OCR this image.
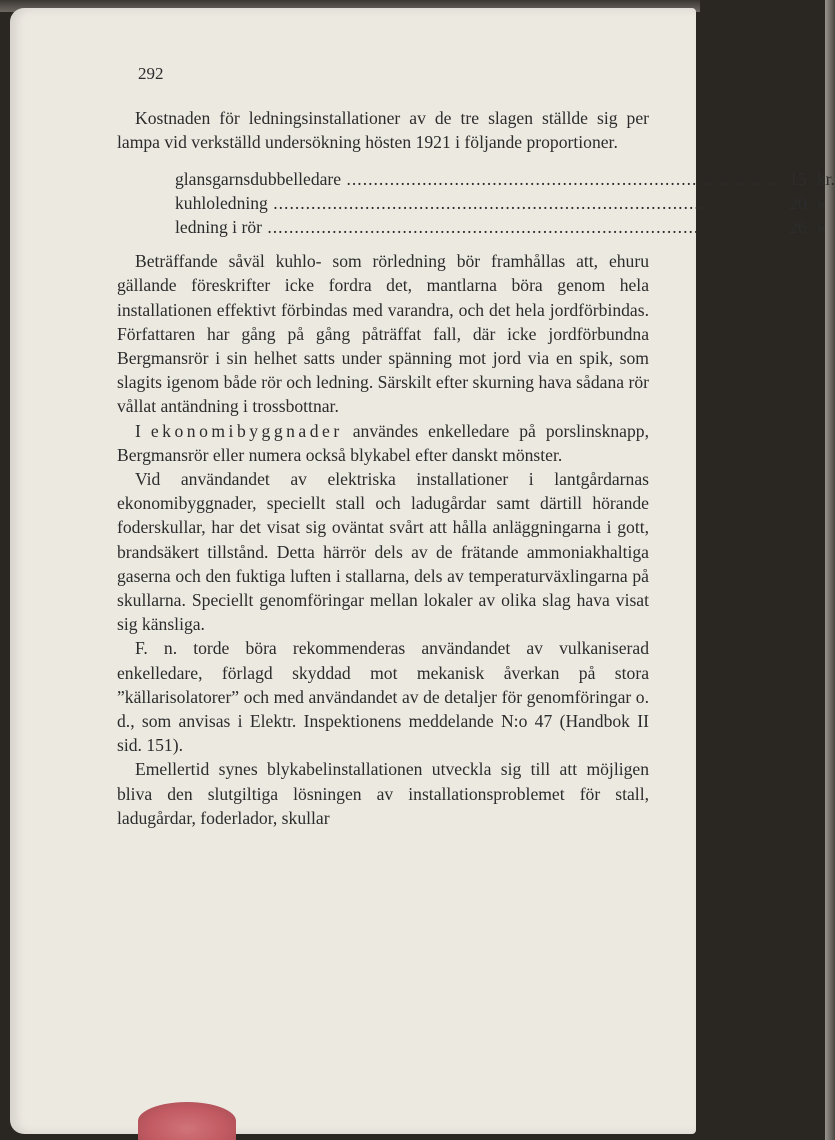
292

Kostnaden för ledningsinstallationer av de tre slagen ställde sig per lampa vid verkställd undersökning hösten 1921 i följande proportioner.

glansgarnsdubbelledare .....	15	kr.
kuhloledning .....	20	»
ledning i rör .....	26	»

Beträffande såväl kuhlo- som rörledning bör framhållas att, ehuru gällande föreskrifter icke fordra det, mantlarna böra genom hela installationen effektivt förbindas med varandra, och det hela jordförbindas. Författaren har gång på gång påträffat fall, där icke jordförbundna Bergmansrör i sin helhet satts under spänning mot jord via en spik, som slagits igenom både rör och ledning. Särskilt efter skurning hava sådana rör vållat antändning i trossbottnar.

I ekonomibyggnader användes enkelledare på porslinsknapp, Bergmansrör eller numera också blykabel efter danskt mönster.

Vid användandet av elektriska installationer i lantgårdarnas ekonomibyggnader, speciellt stall och ladugårdar samt därtill hörande foderskullar, har det visat sig oväntat svårt att hålla anläggningarna i gott, brandsäkert tillstånd. Detta härrör dels av de frätande ammoniakhaltiga gaserna och den fuktiga luften i stallarna, dels av temperaturväxlingarna på skullarna. Speciellt genomföringar mellan lokaler av olika slag hava visat sig känsliga.

F. n. torde böra rekommenderas användandet av vulkaniserad enkelledare, förlagd skyddad mot mekanisk åverkan på stora ”källarisolatorer” och med användandet av de detaljer för genomföringar o. d., som anvisas i Elektr. Inspektionens meddelande N:o 47 (Handbok II sid. 151).

Emellertid synes blykabelinstallationen utveckla sig till att möjligen bliva den slutgiltiga lösningen av installationsproblemet för stall, ladugårdar, foderlador, skullar
